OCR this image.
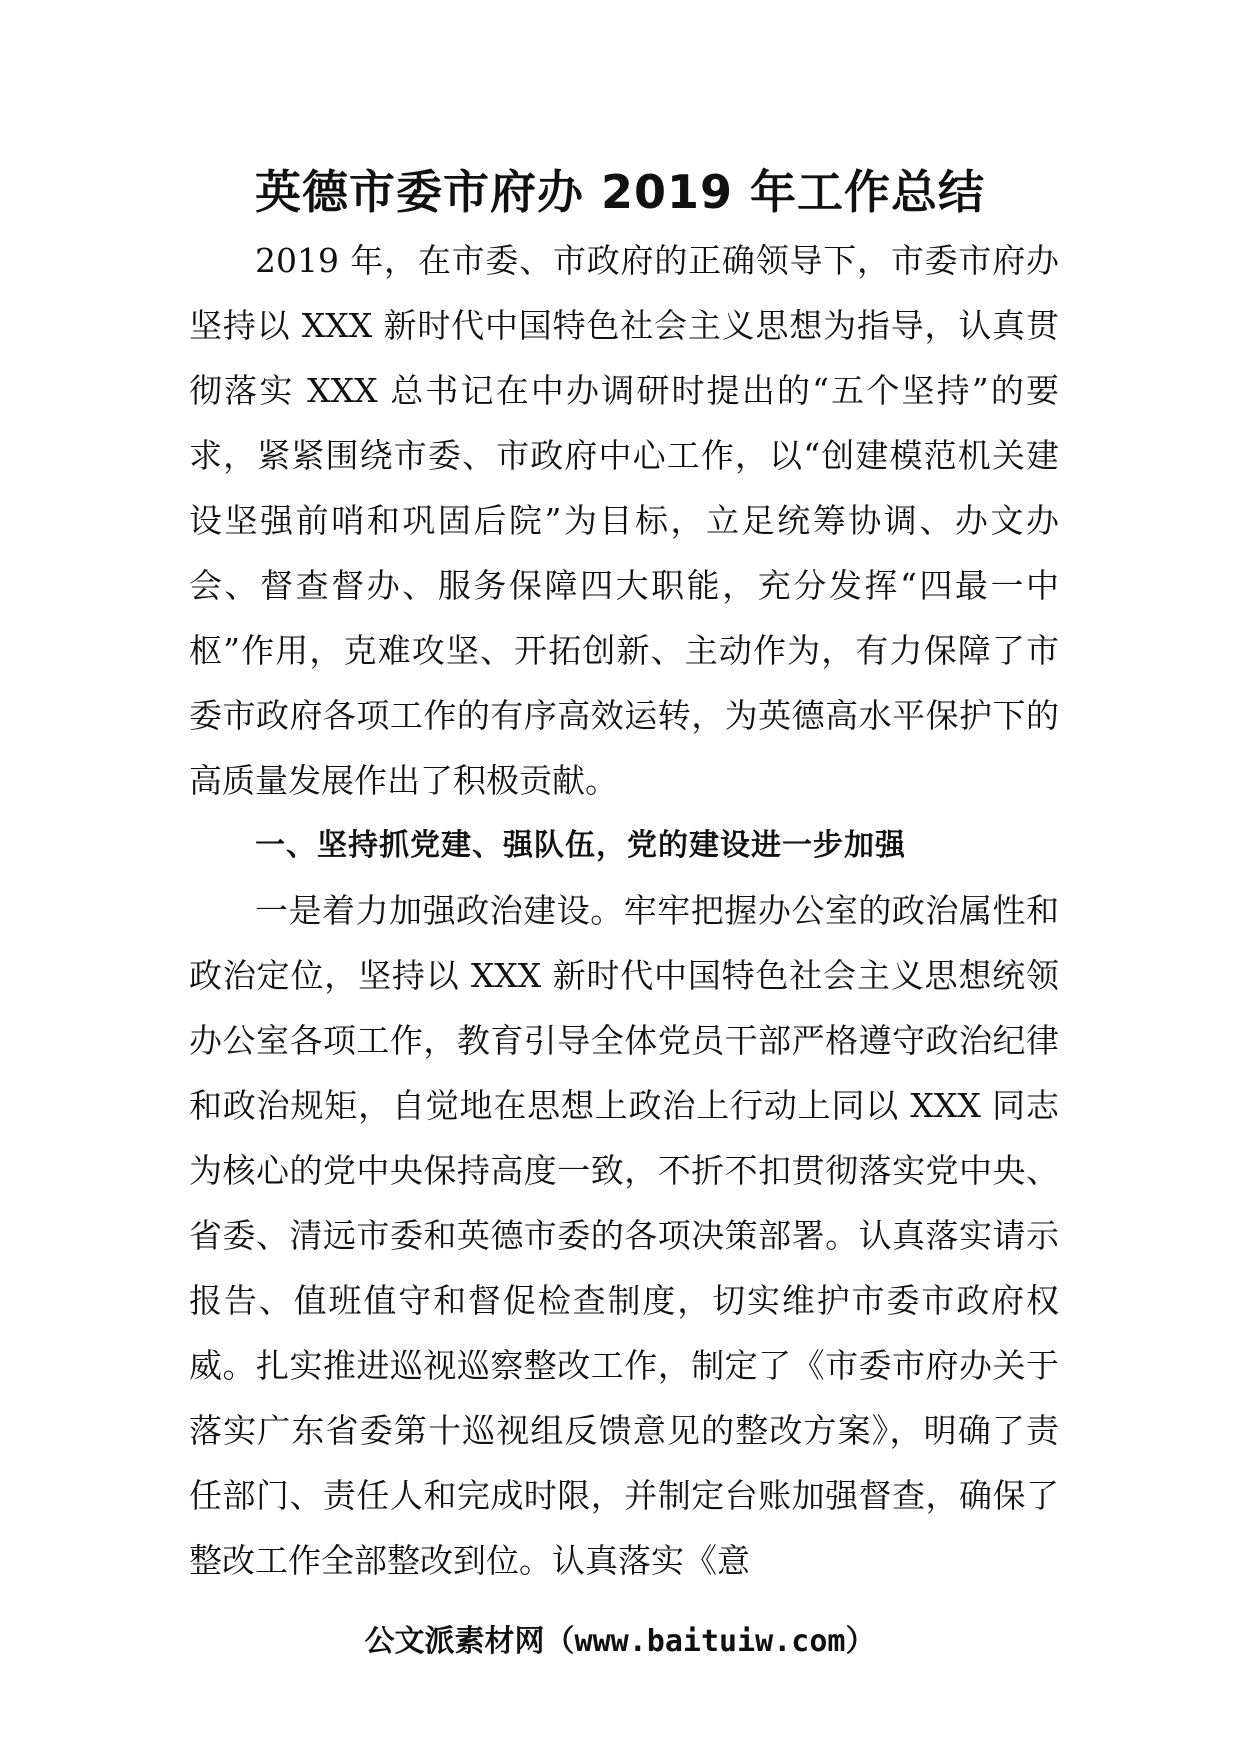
英德市委市府办 2019 年工作总结

2019 年，在市委、市政府的正确领导下，市委市府办坚持以 XXX 新时代中国特色社会主义思想为指导，认真贯彻落实 XXX 总书记在中办调研时提出的“五个坚持”的要求，紧紧围绕市委、市政府中心工作，以“创建模范机关建设坚强前哨和巩固后院”为目标，立足统筹协调、办文办会、督查督办、服务保障四大职能，充分发挥“四最一中枢”作用，克难攻坚、开拓创新、主动作为，有力保障了市委市政府各项工作的有序高效运转，为英德高水平保护下的高质量发展作出了积极贡献。

一、坚持抓党建、强队伍，党的建设进一步加强

一是着力加强政治建设。牢牢把握办公室的政治属性和政治定位，坚持以 XXX 新时代中国特色社会主义思想统领办公室各项工作，教育引导全体党员干部严格遵守政治纪律和政治规矩，自觉地在思想上政治上行动上同以 XXX 同志为核心的党中央保持高度一致，不折不扣贯彻落实党中央、省委、清远市委和英德市委的各项决策部署。认真落实请示报告、值班值守和督促检查制度，切实维护市委市政府权威。扎实推进巡视巡察整改工作，制定了《市委市府办关于落实广东省委第十巡视组反馈意见的整改方案》，明确了责任部门、责任人和完成时限，并制定台账加强督查，确保了整改工作全部整改到位。认真落实《意

公文派素材网（www.baituiw.com）
